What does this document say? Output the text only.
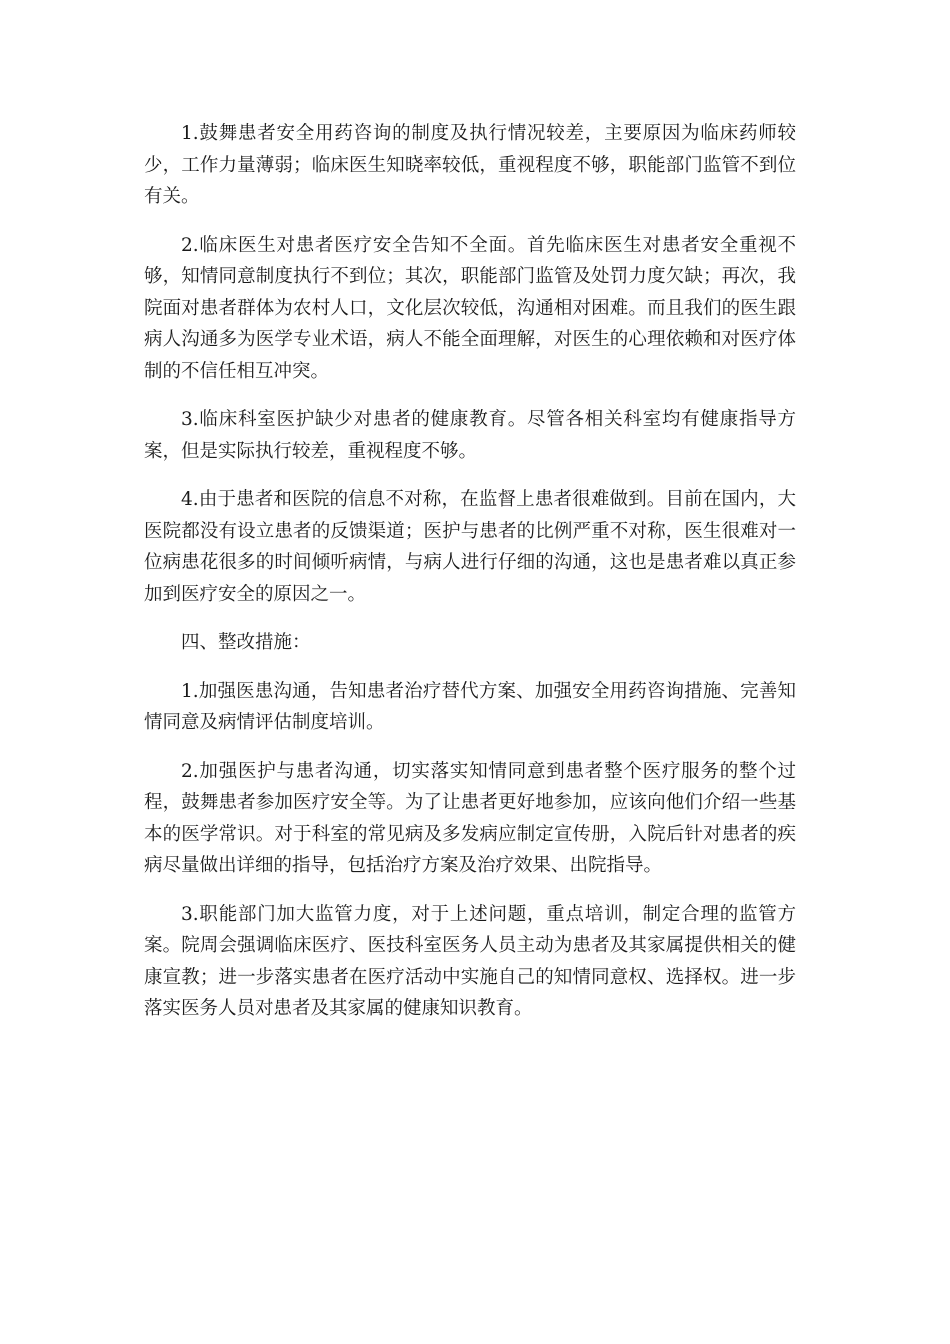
1.鼓舞患者安全用药咨询的制度及执行情况较差，主要原因为临床药师较少，工作力量薄弱；临床医生知晓率较低，重视程度不够，职能部门监管不到位有关。

2.临床医生对患者医疗安全告知不全面。首先临床医生对患者安全重视不够，知情同意制度执行不到位；其次，职能部门监管及处罚力度欠缺；再次，我院面对患者群体为农村人口，文化层次较低，沟通相对困难。而且我们的医生跟病人沟通多为医学专业术语，病人不能全面理解，对医生的心理依赖和对医疗体制的不信任相互冲突。

3.临床科室医护缺少对患者的健康教育。尽管各相关科室均有健康指导方案，但是实际执行较差，重视程度不够。

4.由于患者和医院的信息不对称，在监督上患者很难做到。目前在国内，大医院都没有设立患者的反馈渠道；医护与患者的比例严重不对称，医生很难对一位病患花很多的时间倾听病情，与病人进行仔细的沟通，这也是患者难以真正参加到医疗安全的原因之一。

四、整改措施：

1.加强医患沟通，告知患者治疗替代方案、加强安全用药咨询措施、完善知情同意及病情评估制度培训。

2.加强医护与患者沟通，切实落实知情同意到患者整个医疗服务的整个过程，鼓舞患者参加医疗安全等。为了让患者更好地参加，应该向他们介绍一些基本的医学常识。对于科室的常见病及多发病应制定宣传册，入院后针对患者的疾病尽量做出详细的指导，包括治疗方案及治疗效果、出院指导。

3.职能部门加大监管力度，对于上述问题，重点培训，制定合理的监管方案。院周会强调临床医疗、医技科室医务人员主动为患者及其家属提供相关的健康宣教；进一步落实患者在医疗活动中实施自己的知情同意权、选择权。进一步落实医务人员对患者及其家属的健康知识教育。
